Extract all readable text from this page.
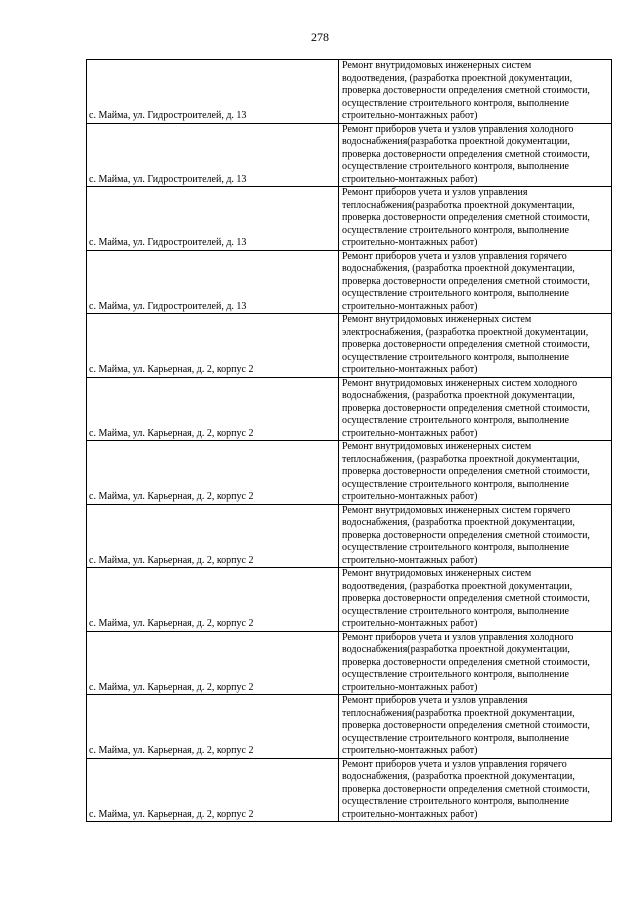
278
с. Майма, ул. Гидростроителей, д. 13	Ремонт внутридомовых инженерных систем
водоотведения, (разработка проектной документации,
проверка достоверности определения сметной стоимости,
осуществление строительного контроля, выполнение
строительно-монтажных работ)

с. Майма, ул. Гидростроителей, д. 13	Ремонт приборов учета и узлов управления холодного
водоснабжения(разработка проектной документации,
проверка достоверности определения сметной стоимости,
осуществление строительного контроля, выполнение
строительно-монтажных работ)

с. Майма, ул. Гидростроителей, д. 13	Ремонт приборов учета и узлов управления
теплоснабжения(разработка проектной документации,
проверка достоверности определения сметной стоимости,
осуществление строительного контроля, выполнение
строительно-монтажных работ)

с. Майма, ул. Гидростроителей, д. 13	Ремонт приборов учета и узлов управления горячего
водоснабжения, (разработка проектной документации,
проверка достоверности определения сметной стоимости,
осуществление строительного контроля, выполнение
строительно-монтажных работ)

с. Майма, ул. Карьерная, д. 2, корпус 2	Ремонт внутридомовых инженерных систем
электроснабжения, (разработка проектной документации,
проверка достоверности определения сметной стоимости,
осуществление строительного контроля, выполнение
строительно-монтажных работ)

с. Майма, ул. Карьерная, д. 2, корпус 2	Ремонт внутридомовых инженерных систем холодного
водоснабжения, (разработка проектной документации,
проверка достоверности определения сметной стоимости,
осуществление строительного контроля, выполнение
строительно-монтажных работ)

с. Майма, ул. Карьерная, д. 2, корпус 2	Ремонт внутридомовых инженерных систем
теплоснабжения, (разработка проектной документации,
проверка достоверности определения сметной стоимости,
осуществление строительного контроля, выполнение
строительно-монтажных работ)

с. Майма, ул. Карьерная, д. 2, корпус 2	Ремонт внутридомовых инженерных систем горячего
водоснабжения, (разработка проектной документации,
проверка достоверности определения сметной стоимости,
осуществление строительного контроля, выполнение
строительно-монтажных работ)

с. Майма, ул. Карьерная, д. 2, корпус 2	Ремонт внутридомовых инженерных систем
водоотведения, (разработка проектной документации,
проверка достоверности определения сметной стоимости,
осуществление строительного контроля, выполнение
строительно-монтажных работ)

с. Майма, ул. Карьерная, д. 2, корпус 2	Ремонт приборов учета и узлов управления холодного
водоснабжения(разработка проектной документации,
проверка достоверности определения сметной стоимости,
осуществление строительного контроля, выполнение
строительно-монтажных работ)

с. Майма, ул. Карьерная, д. 2, корпус 2	Ремонт приборов учета и узлов управления
теплоснабжения(разработка проектной документации,
проверка достоверности определения сметной стоимости,
осуществление строительного контроля, выполнение
строительно-монтажных работ)

с. Майма, ул. Карьерная, д. 2, корпус 2	Ремонт приборов учета и узлов управления горячего
водоснабжения, (разработка проектной документации,
проверка достоверности определения сметной стоимости,
осуществление строительного контроля, выполнение
строительно-монтажных работ)
